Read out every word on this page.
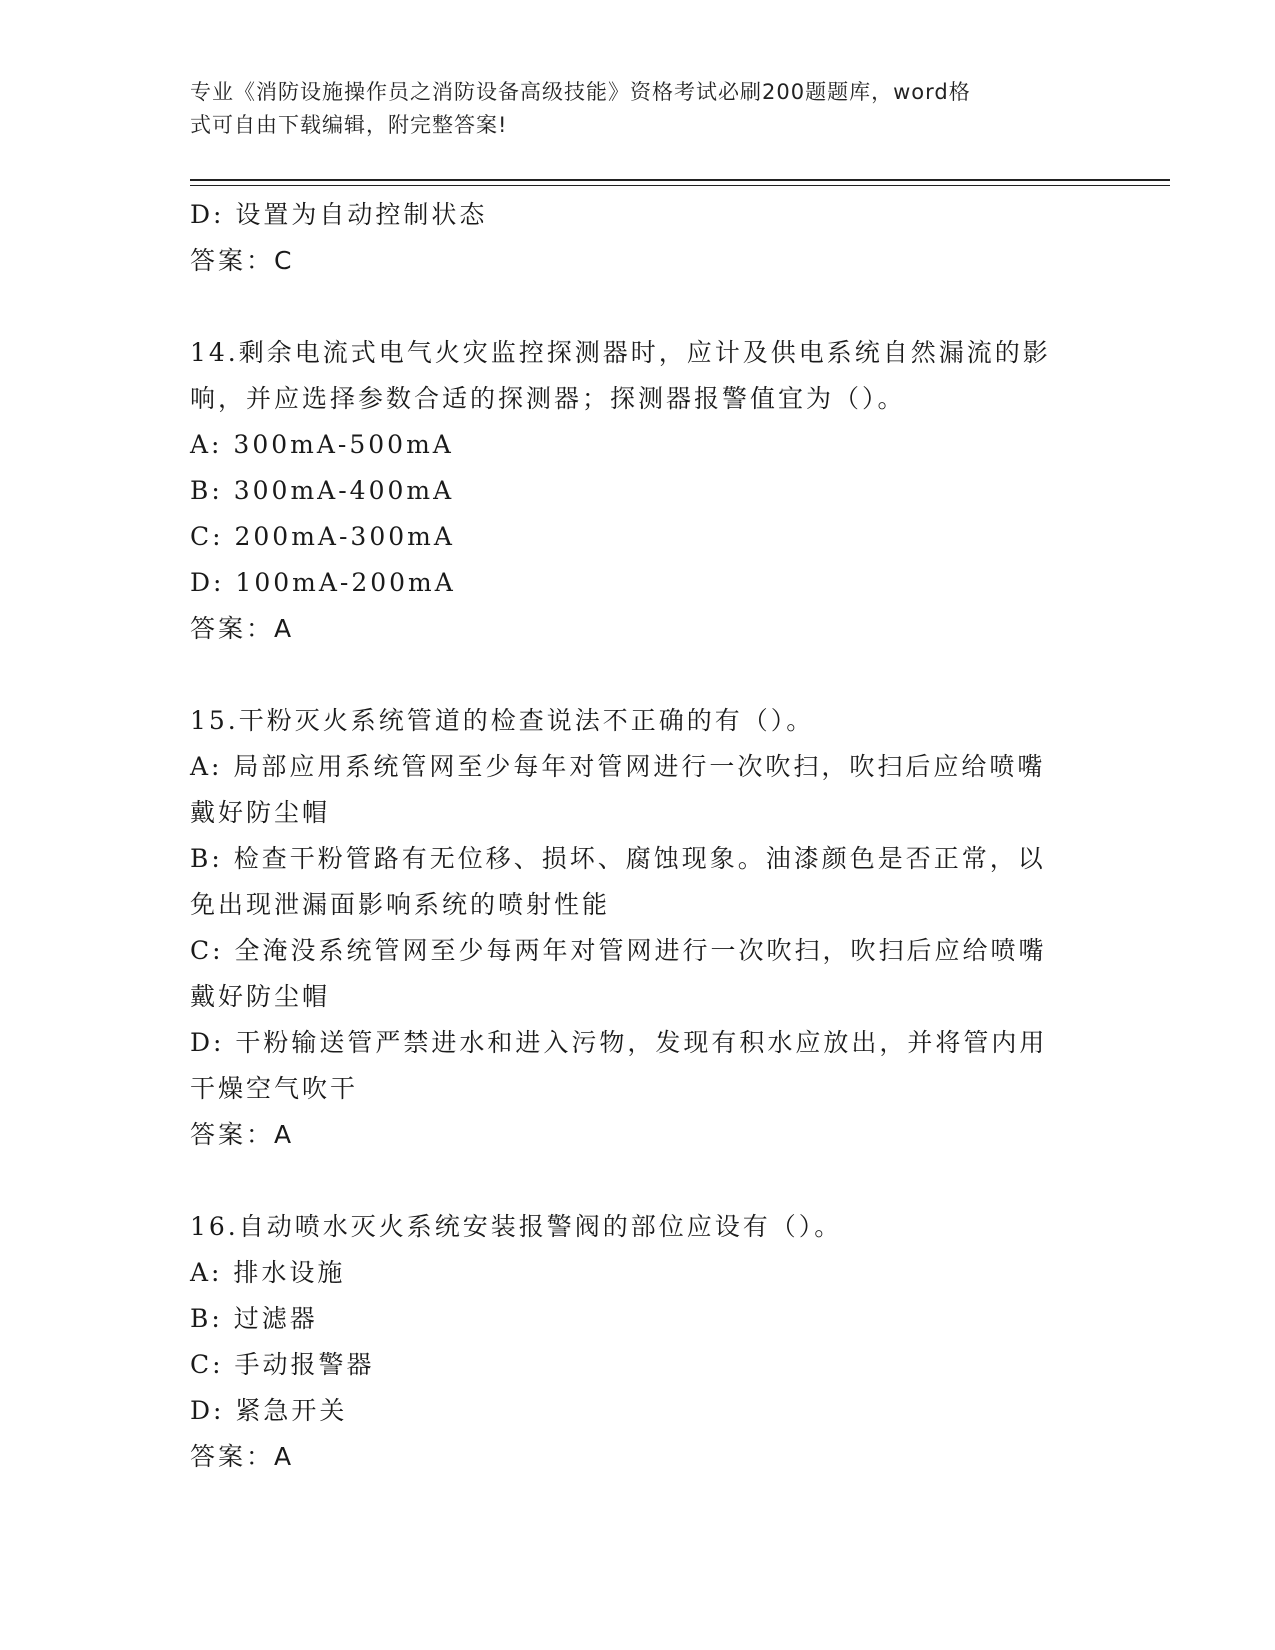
专业《消防设施操作员之消防设备高级技能》资格考试必刷200题题库，word格
式可自由下载编辑，附完整答案!
D: 设置为自动控制状态
答案：C
14.剩余电流式电气火灾监控探测器时，应计及供电系统自然漏流的影
响，并应选择参数合适的探测器；探测器报警值宜为（）。
A: 300mA-500mA
B: 300mA-400mA
C: 200mA-300mA
D: 100mA-200mA
答案：A
15.干粉灭火系统管道的检查说法不正确的有（）。
A: 局部应用系统管网至少每年对管网进行一次吹扫，吹扫后应给喷嘴
戴好防尘帽
B: 检查干粉管路有无位移、损坏、腐蚀现象。油漆颜色是否正常，以
免出现泄漏面影响系统的喷射性能
C: 全淹没系统管网至少每两年对管网进行一次吹扫，吹扫后应给喷嘴
戴好防尘帽
D: 干粉输送管严禁进水和进入污物，发现有积水应放出，并将管内用
干燥空气吹干
答案：A
16.自动喷水灭火系统安装报警阀的部位应设有（）。
A: 排水设施
B: 过滤器
C: 手动报警器
D: 紧急开关
答案：A
